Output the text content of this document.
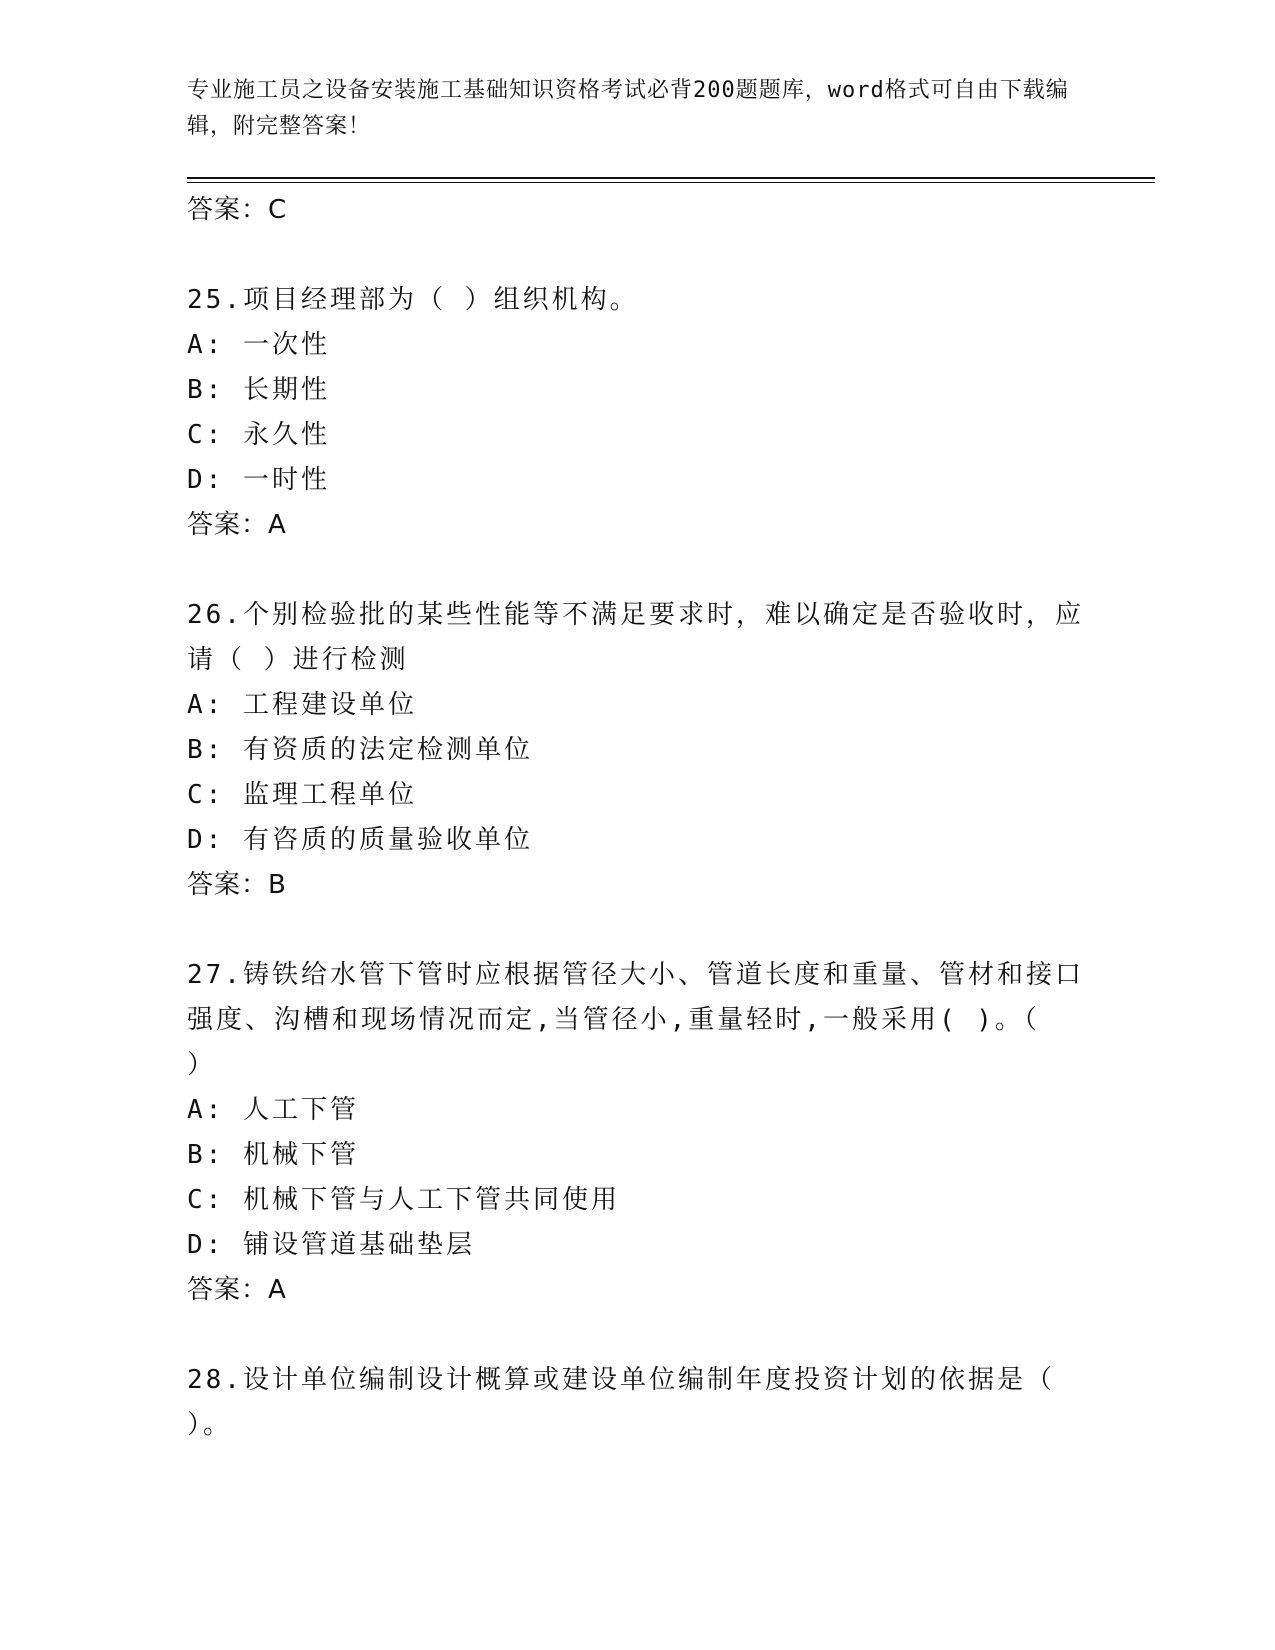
专业施工员之设备安装施工基础知识资格考试必背200题题库，word格式可自由下载编辑，附完整答案！
答案：C
25.项目经理部为（ ）组织机构。
A: 一次性
B: 长期性
C: 永久性
D: 一时性
答案：A
26.个别检验批的某些性能等不满足要求时，难以确定是否验收时，应
请（ ）进行检测
A: 工程建设单位
B: 有资质的法定检测单位
C: 监理工程单位
D: 有咨质的质量验收单位
答案：B
27.铸铁给水管下管时应根据管径大小、管道长度和重量、管材和接口
强度、沟槽和现场情况而定,当管径小,重量轻时,一般采用( )。（
）
A: 人工下管
B: 机械下管
C: 机械下管与人工下管共同使用
D: 铺设管道基础垫层
答案：A
28.设计单位编制设计概算或建设单位编制年度投资计划的依据是（
）。
